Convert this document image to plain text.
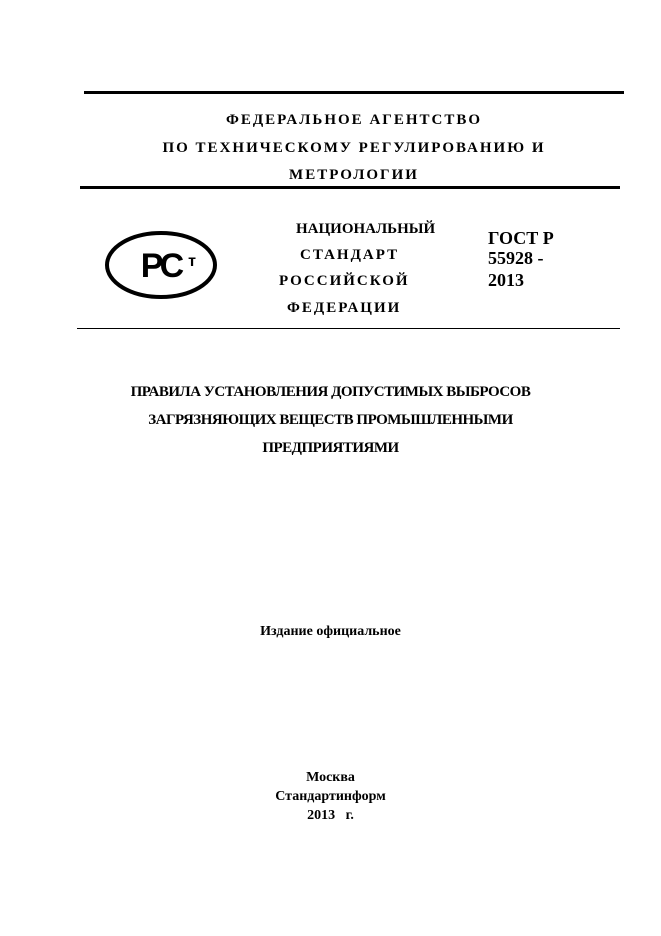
ФЕДЕРАЛЬНОЕ АГЕНТСТВО
ПО ТЕХНИЧЕСКОМУ РЕГУЛИРОВАНИЮ И
МЕТРОЛОГИИ
РС т
НАЦИОНАЛЬНЫЙ
СТАНДАРТ
РОССИЙСКОЙ
ФЕДЕРАЦИИ
ГОСТ Р
55928 -
2013
ПРАВИЛА УСТАНОВЛЕНИЯ ДОПУСТИМЫХ ВЫБРОСОВ
ЗАГРЯЗНЯЮЩИХ ВЕЩЕСТВ ПРОМЫШЛЕННЫМИ
ПРЕДПРИЯТИЯМИ
Издание официальное
Москва
Стандартинформ
2013   г.
